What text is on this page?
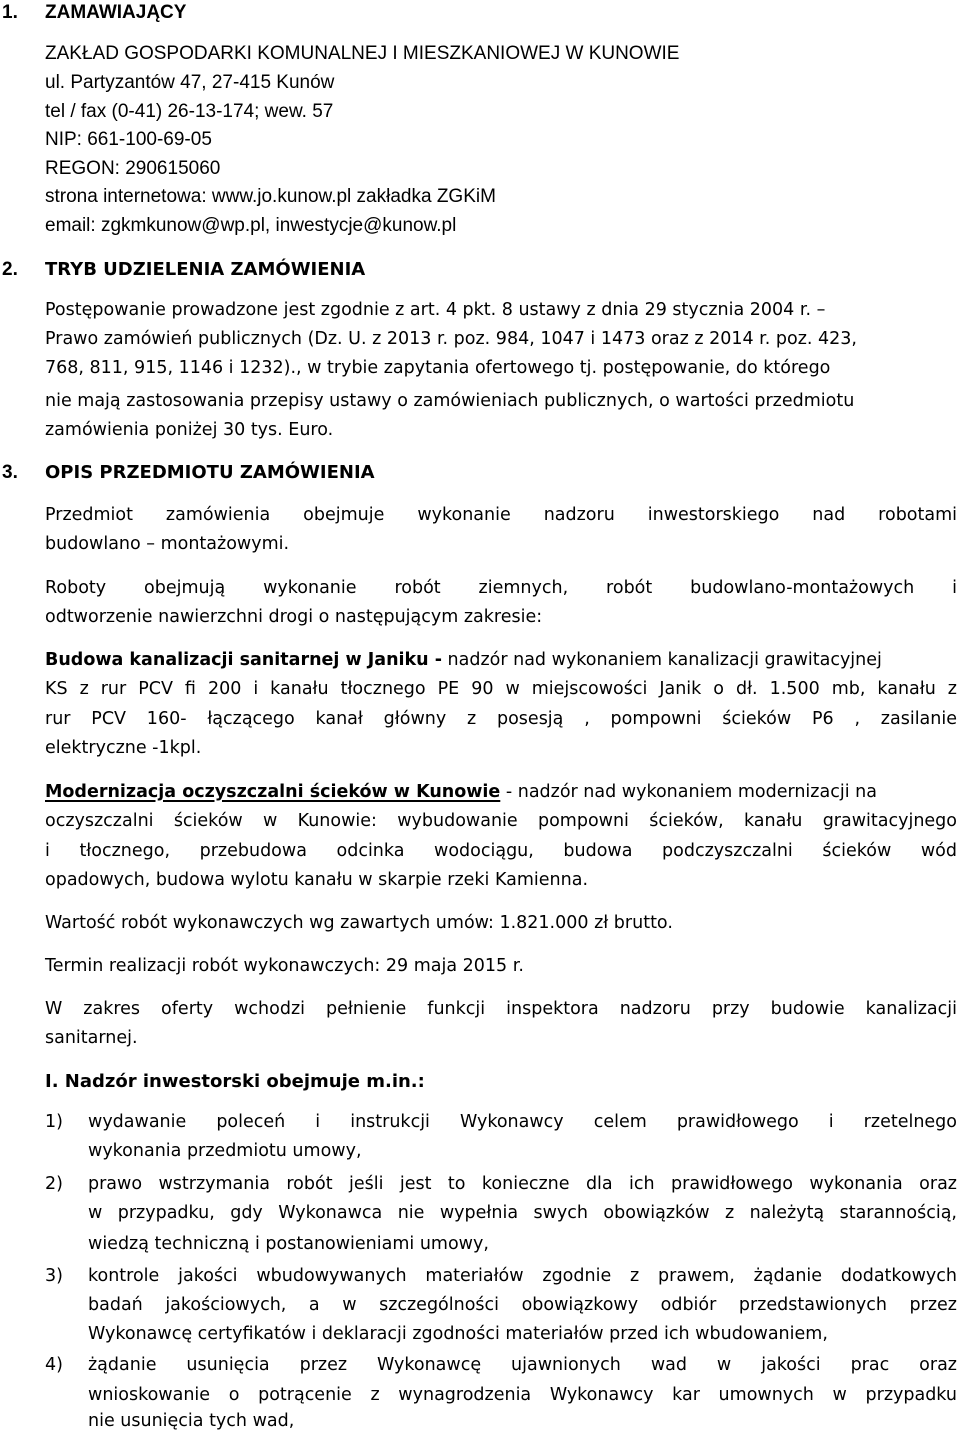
1. ZAMAWIAJĄCY
ZAKŁAD GOSPODARKI KOMUNALNEJ I MIESZKANIOWEJ W KUNOWIE
ul. Partyzantów 47, 27-415 Kunów
tel / fax (0-41) 26-13-174; wew. 57
NIP: 661-100-69-05
REGON: 290615060
strona internetowa: www.jo.kunow.pl zakładka ZGKiM
email: zgkmkunow@wp.pl, inwestycje@kunow.pl
2. TRYB UDZIELENIA ZAMÓWIENIA
Postępowanie prowadzone jest zgodnie z art. 4 pkt. 8 ustawy z dnia 29 stycznia 2004 r. –
Prawo zamówień publicznych (Dz. U. z 2013 r. poz. 984, 1047 i 1473 oraz z 2014 r. poz. 423,
768, 811, 915, 1146 i 1232)., w trybie zapytania ofertowego tj. postępowanie, do którego
nie mają zastosowania przepisy ustawy o zamówieniach publicznych, o wartości przedmiotu
zamówienia poniżej 30 tys. Euro.
3. OPIS PRZEDMIOTU ZAMÓWIENIA
Przedmiot zamówienia obejmuje wykonanie nadzoru inwestorskiego nad robotami
budowlano – montażowymi.
Roboty obejmują wykonanie robót ziemnych, robót budowlano-montażowych i
odtworzenie nawierzchni drogi o następującym zakresie:
Budowa kanalizacji sanitarnej w Janiku - nadzór nad wykonaniem kanalizacji grawitacyjnej
KS z rur PCV fi 200 i kanału tłocznego PE 90 w miejscowości Janik o dł. 1.500 mb, kanału z
rur PCV 160- łączącego kanał główny z posesją , pompowni ścieków P6 , zasilanie
elektryczne -1kpl.
Modernizacja oczyszczalni ścieków w Kunowie - nadzór nad wykonaniem modernizacji na
oczyszczalni ścieków w Kunowie: wybudowanie pompowni ścieków, kanału grawitacyjnego
i tłocznego, przebudowa odcinka wodociągu, budowa podczyszczalni ścieków wód
opadowych, budowa wylotu kanału w skarpie rzeki Kamienna.
Wartość robót wykonawczych wg zawartych umów: 1.821.000 zł brutto.
Termin realizacji robót wykonawczych: 29 maja 2015 r.
W zakres oferty wchodzi pełnienie funkcji inspektora nadzoru przy budowie kanalizacji
sanitarnej.
I. Nadzór inwestorski obejmuje m.in.:
1) wydawanie poleceń i instrukcji Wykonawcy celem prawidłowego i rzetelnego
wykonania przedmiotu umowy,
2) prawo wstrzymania robót jeśli jest to konieczne dla ich prawidłowego wykonania oraz
w przypadku, gdy Wykonawca nie wypełnia swych obowiązków z należytą starannością,
wiedzą techniczną i postanowieniami umowy,
3) kontrole jakości wbudowywanych materiałów zgodnie z prawem, żądanie dodatkowych
badań jakościowych, a w szczególności obowiązkowy odbiór przedstawionych przez
Wykonawcę certyfikatów i deklaracji zgodności materiałów przed ich wbudowaniem,
4) żądanie usunięcia przez Wykonawcę ujawnionych wad w jakości prac oraz
wnioskowanie o potrącenie z wynagrodzenia Wykonawcy kar umownych w przypadku
nie usunięcia tych wad,
